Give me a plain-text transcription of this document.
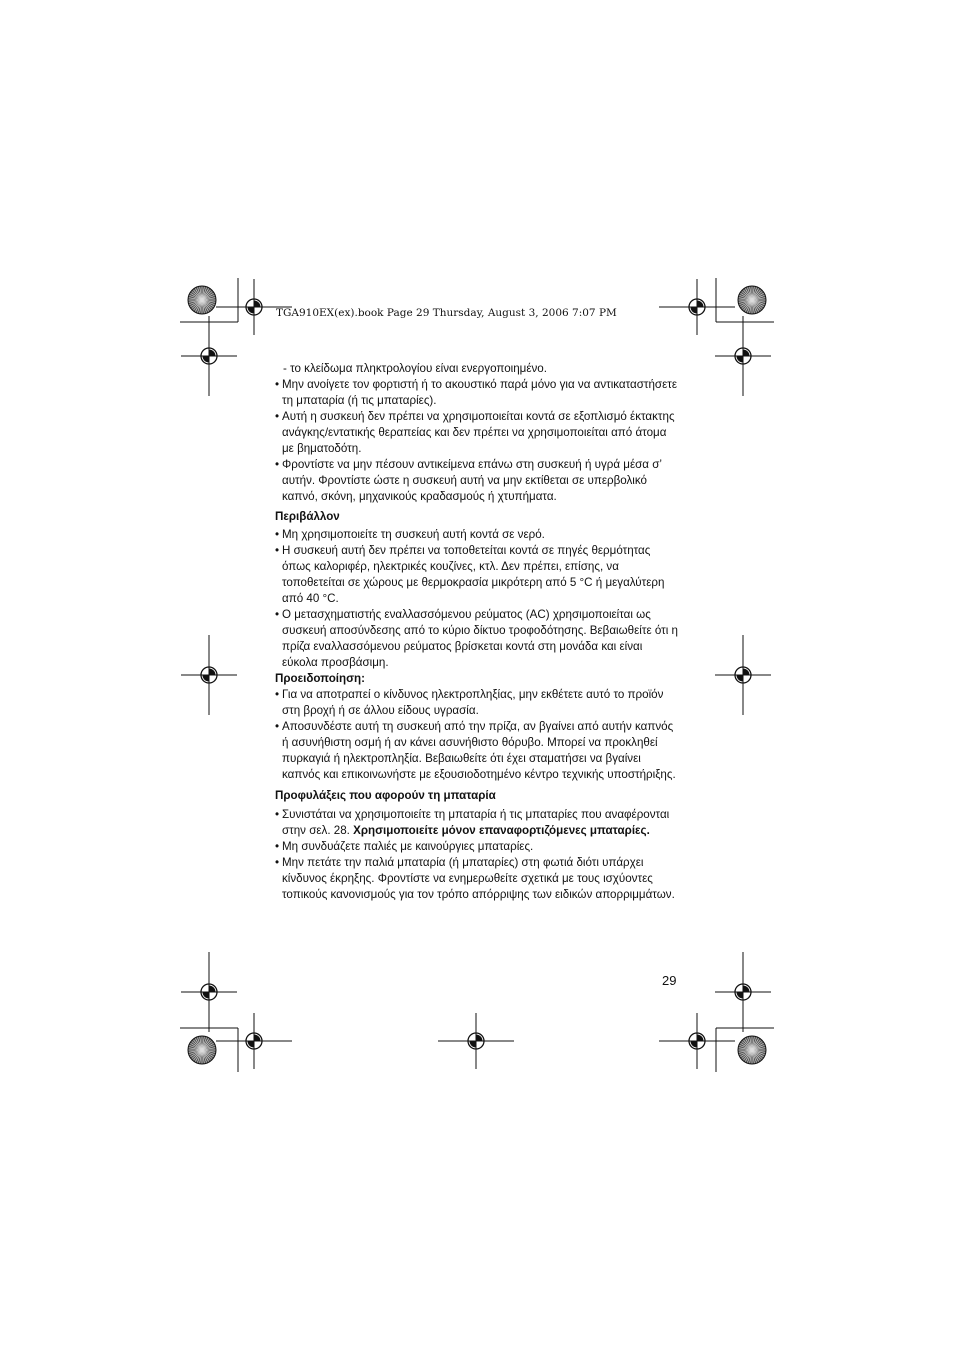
TGA910EX(ex).book Page 29 Thursday, August 3, 2006 7:07 PM

- το κλείδωμα πληκτρολογίου είναι ενεργοποιημένο.

• Μην ανοίγετε τον φορτιστή ή το ακουστικό παρά μόνο για να αντικαταστήσετε τη μπαταρία (ή τις μπαταρίες).

• Αυτή η συσκευή δεν πρέπει να χρησιμοποιείται κοντά σε εξοπλισμό έκτακτης ανάγκης/εντατικής θεραπείας και δεν πρέπει να χρησιμοποιείται από άτομα με βηματοδότη.

• Φροντίστε να μην πέσουν αντικείμενα επάνω στη συσκευή ή υγρά μέσα σ’ αυτήν. Φροντίστε ώστε η συσκευή αυτή να μην εκτίθεται σε υπερβολικό καπνό, σκόνη, μηχανικούς κραδασμούς ή χτυπήματα.

Περιβάλλον

• Μη χρησιμοποιείτε τη συσκευή αυτή κοντά σε νερό.

• Η συσκευή αυτή δεν πρέπει να τοποθετείται κοντά σε πηγές θερμότητας όπως καλοριφέρ, ηλεκτρικές κουζίνες, κτλ. Δεν πρέπει, επίσης, να τοποθετείται σε χώρους με θερμοκρασία μικρότερη από 5 °C ή μεγαλύτερη από 40 °C.

• Ο μετασχηματιστής εναλλασσόμενου ρεύματος (AC) χρησιμοποιείται ως συσκευή αποσύνδεσης από το κύριο δίκτυο τροφοδότησης. Βεβαιωθείτε ότι η πρίζα εναλλασσόμενου ρεύματος βρίσκεται κοντά στη μονάδα και είναι εύκολα προσβάσιμη.

Προειδοποίηση:

• Για να αποτραπεί ο κίνδυνος ηλεκτροπληξίας, μην εκθέτετε αυτό το προϊόν στη βροχή ή σε άλλου είδους υγρασία.

• Αποσυνδέστε αυτή τη συσκευή από την πρίζα, αν βγαίνει από αυτήν καπνός ή ασυνήθιστη οσμή ή αν κάνει ασυνήθιστο θόρυβο. Μπορεί να προκληθεί πυρκαγιά ή ηλεκτροπληξία. Βεβαιωθείτε ότι έχει σταματήσει να βγαίνει καπνός και επικοινωνήστε με εξουσιοδοτημένο κέντρο τεχνικής υποστήριξης.

Προφυλάξεις που αφορούν τη μπαταρία

• Συνιστάται να χρησιμοποιείτε τη μπαταρία ή τις μπαταρίες που αναφέρονται στην σελ. 28. Χρησιμοποιείτε μόνον επαναφορτιζόμενες μπαταρίες.

• Μη συνδυάζετε παλιές με καινούργιες μπαταρίες.

• Μην πετάτε την παλιά μπαταρία (ή μπαταρίες) στη φωτιά διότι υπάρχει κίνδυνος έκρηξης. Φροντίστε να ενημερωθείτε σχετικά με τους ισχύοντες τοπικούς κανονισμούς για τον τρόπο απόρριψης των ειδικών απορριμμάτων.

29
